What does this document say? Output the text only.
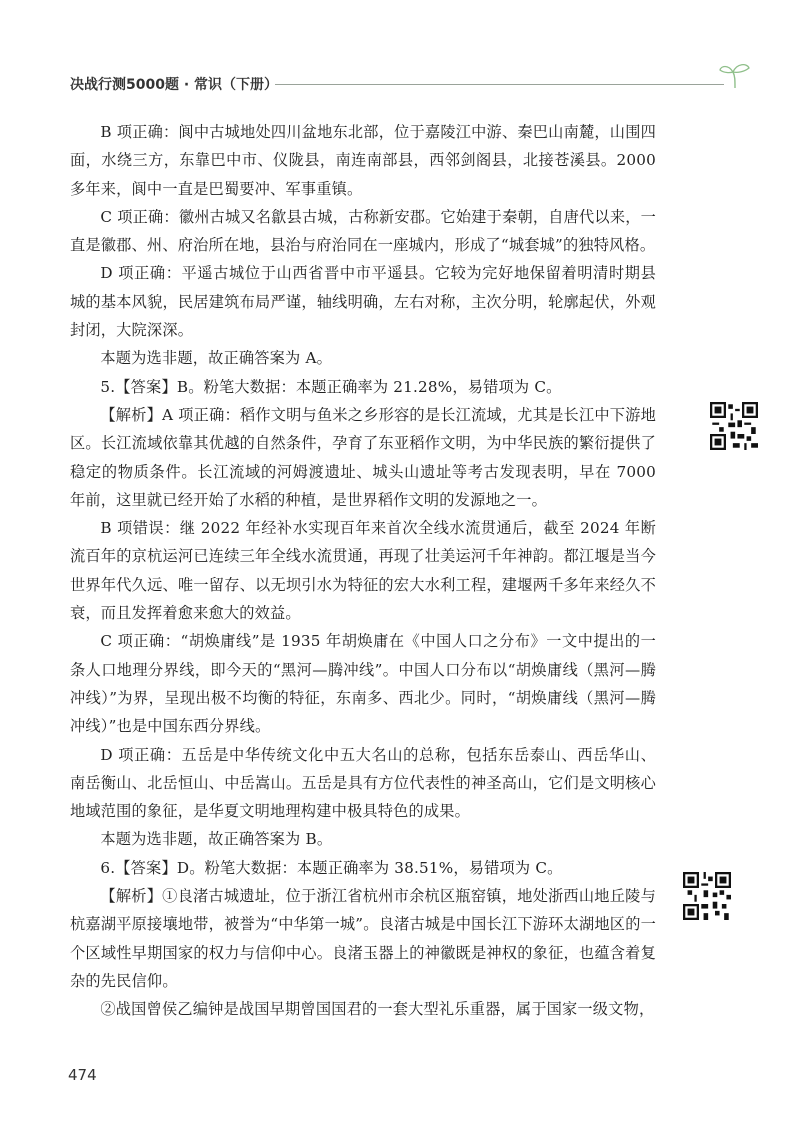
决战行测5000题 · 常识（下册）

B 项正确：阆中古城地处四川盆地东北部，位于嘉陵江中游、秦巴山南麓，山围四面，水绕三方，东靠巴中市、仪陇县，南连南部县，西邻剑阁县，北接苍溪县。2000 多年来，阆中一直是巴蜀要冲、军事重镇。

C 项正确：徽州古城又名歙县古城，古称新安郡。它始建于秦朝，自唐代以来，一直是徽郡、州、府治所在地，县治与府治同在一座城内，形成了“城套城”的独特风格。

D 项正确：平遥古城位于山西省晋中市平遥县。它较为完好地保留着明清时期县城的基本风貌，民居建筑布局严谨，轴线明确，左右对称，主次分明，轮廓起伏，外观封闭，大院深深。

本题为选非题，故正确答案为 A。

5.【答案】B。粉笔大数据：本题正确率为 21.28%，易错项为 C。

【解析】A 项正确：稻作文明与鱼米之乡形容的是长江流域，尤其是长江中下游地区。长江流域依靠其优越的自然条件，孕育了东亚稻作文明，为中华民族的繁衍提供了稳定的物质条件。长江流域的河姆渡遗址、城头山遗址等考古发现表明，早在 7000 年前，这里就已经开始了水稻的种植，是世界稻作文明的发源地之一。

B 项错误：继 2022 年经补水实现百年来首次全线水流贯通后，截至 2024 年断流百年的京杭运河已连续三年全线水流贯通，再现了壮美运河千年神韵。都江堰是当今世界年代久远、唯一留存、以无坝引水为特征的宏大水利工程，建堰两千多年来经久不衰，而且发挥着愈来愈大的效益。

C 项正确：“胡焕庸线”是 1935 年胡焕庸在《中国人口之分布》一文中提出的一条人口地理分界线，即今天的“黑河—腾冲线”。中国人口分布以“胡焕庸线（黑河—腾冲线）”为界，呈现出极不均衡的特征，东南多、西北少。同时，“胡焕庸线（黑河—腾冲线）”也是中国东西分界线。

D 项正确：五岳是中华传统文化中五大名山的总称，包括东岳泰山、西岳华山、南岳衡山、北岳恒山、中岳嵩山。五岳是具有方位代表性的神圣高山，它们是文明核心地域范围的象征，是华夏文明地理构建中极具特色的成果。

本题为选非题，故正确答案为 B。

6.【答案】D。粉笔大数据：本题正确率为 38.51%，易错项为 C。

【解析】①良渚古城遗址，位于浙江省杭州市余杭区瓶窑镇，地处浙西山地丘陵与杭嘉湖平原接壤地带，被誉为“中华第一城”。良渚古城是中国长江下游环太湖地区的一个区域性早期国家的权力与信仰中心。良渚玉器上的神徽既是神权的象征，也蕴含着复杂的先民信仰。

②战国曾侯乙编钟是战国早期曾国国君的一套大型礼乐重器，属于国家一级文物，

474
